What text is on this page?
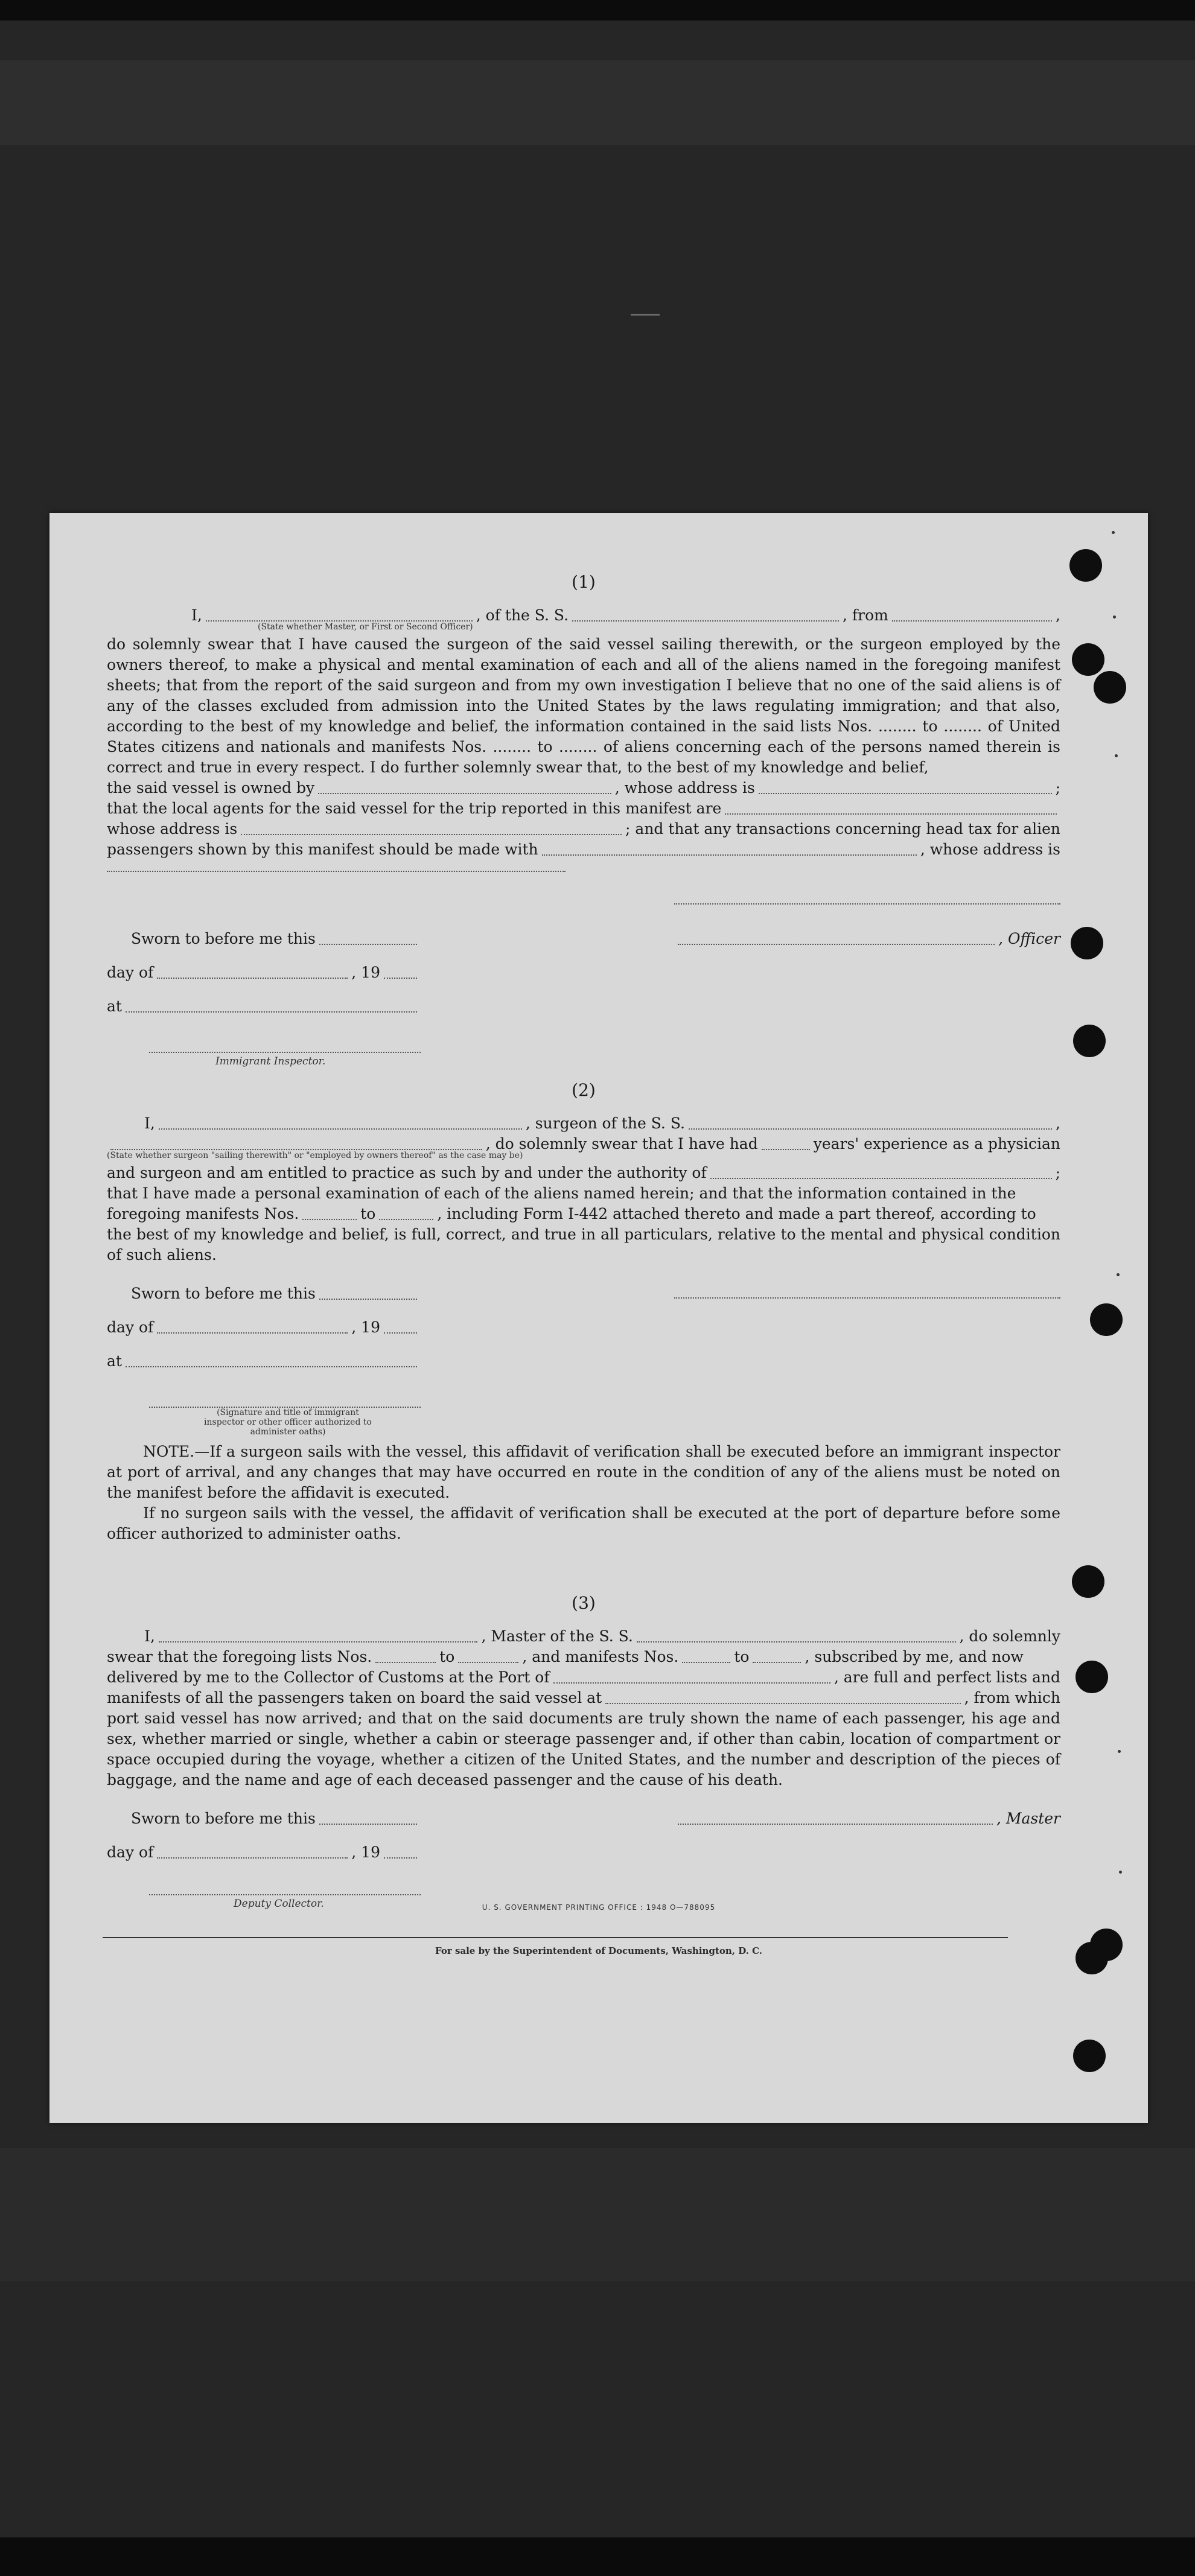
(1)
I,	, of the S. S.	, from	,
(State whether Master, or First or Second Officer)
do solemnly swear that I have caused the surgeon of the said vessel sailing therewith, or the surgeon employed by the owners thereof, to make a physical and mental examination of each and all of the aliens named in the foregoing manifest sheets; that from the report of the said surgeon and from my own investigation I believe that no one of the said aliens is of any of the classes excluded from admission into the United States by the laws regulating immigration; and that also, according to the best of my knowledge and belief, the information contained in the said lists Nos. ........ to ........ of United States citizens and nationals and manifests Nos. ........ to ........ of aliens concerning each of the persons named therein is correct and true in every respect. I do further solemnly swear that, to the best of my knowledge and belief,
the said vessel is owned by	, whose address is	;
that the local agents for the said vessel for the trip reported in this manifest are
whose address is	; and that any transactions concerning head tax for alien
passengers shown by this manifest should be made with	, whose address is
Sworn to before me this
day of	, 19
at
Immigrant Inspector.
, Officer
(2)
I,	, surgeon of the S. S.	,
, do solemnly swear that I have had	years' experience as a physician
(State whether surgeon "sailing therewith" or "employed by owners thereof" as the case may be)
and surgeon and am entitled to practice as such by and under the authority of	;
that I have made a personal examination of each of the aliens named herein; and that the information contained in the
foregoing manifests Nos.	to	, including Form I-442 attached thereto and made a part thereof, according to
the best of my knowledge and belief, is full, correct, and true in all particulars, relative to the mental and physical condition of such aliens.
Sworn to before me this
day of	, 19
at
(Signature and title of immigrant inspector or other officer authorized to administer oaths)
NOTE.—If a surgeon sails with the vessel, this affidavit of verification shall be executed before an immigrant inspector at port of arrival, and any changes that may have occurred en route in the condition of any of the aliens must be noted on the manifest before the affidavit is executed.
If no surgeon sails with the vessel, the affidavit of verification shall be executed at the port of departure before some officer authorized to administer oaths.
(3)
I,	, Master of the S. S.	, do solemnly
swear that the foregoing lists Nos.	to	, and manifests Nos.	to	, subscribed by me, and now
delivered by me to the Collector of Customs at the Port of	, are full and perfect lists and
manifests of all the passengers taken on board the said vessel at	, from which
port said vessel has now arrived; and that on the said documents are truly shown the name of each passenger, his age and sex, whether married or single, whether a cabin or steerage passenger and, if other than cabin, location of compartment or space occupied during the voyage, whether a citizen of the United States, and the number and description of the pieces of baggage, and the name and age of each deceased passenger and the cause of his death.
Sworn to before me this
day of	, 19
Deputy Collector.
, Master
U. S. GOVERNMENT PRINTING OFFICE : 1948 O—788095
For sale by the Superintendent of Documents, Washington, D. C.
